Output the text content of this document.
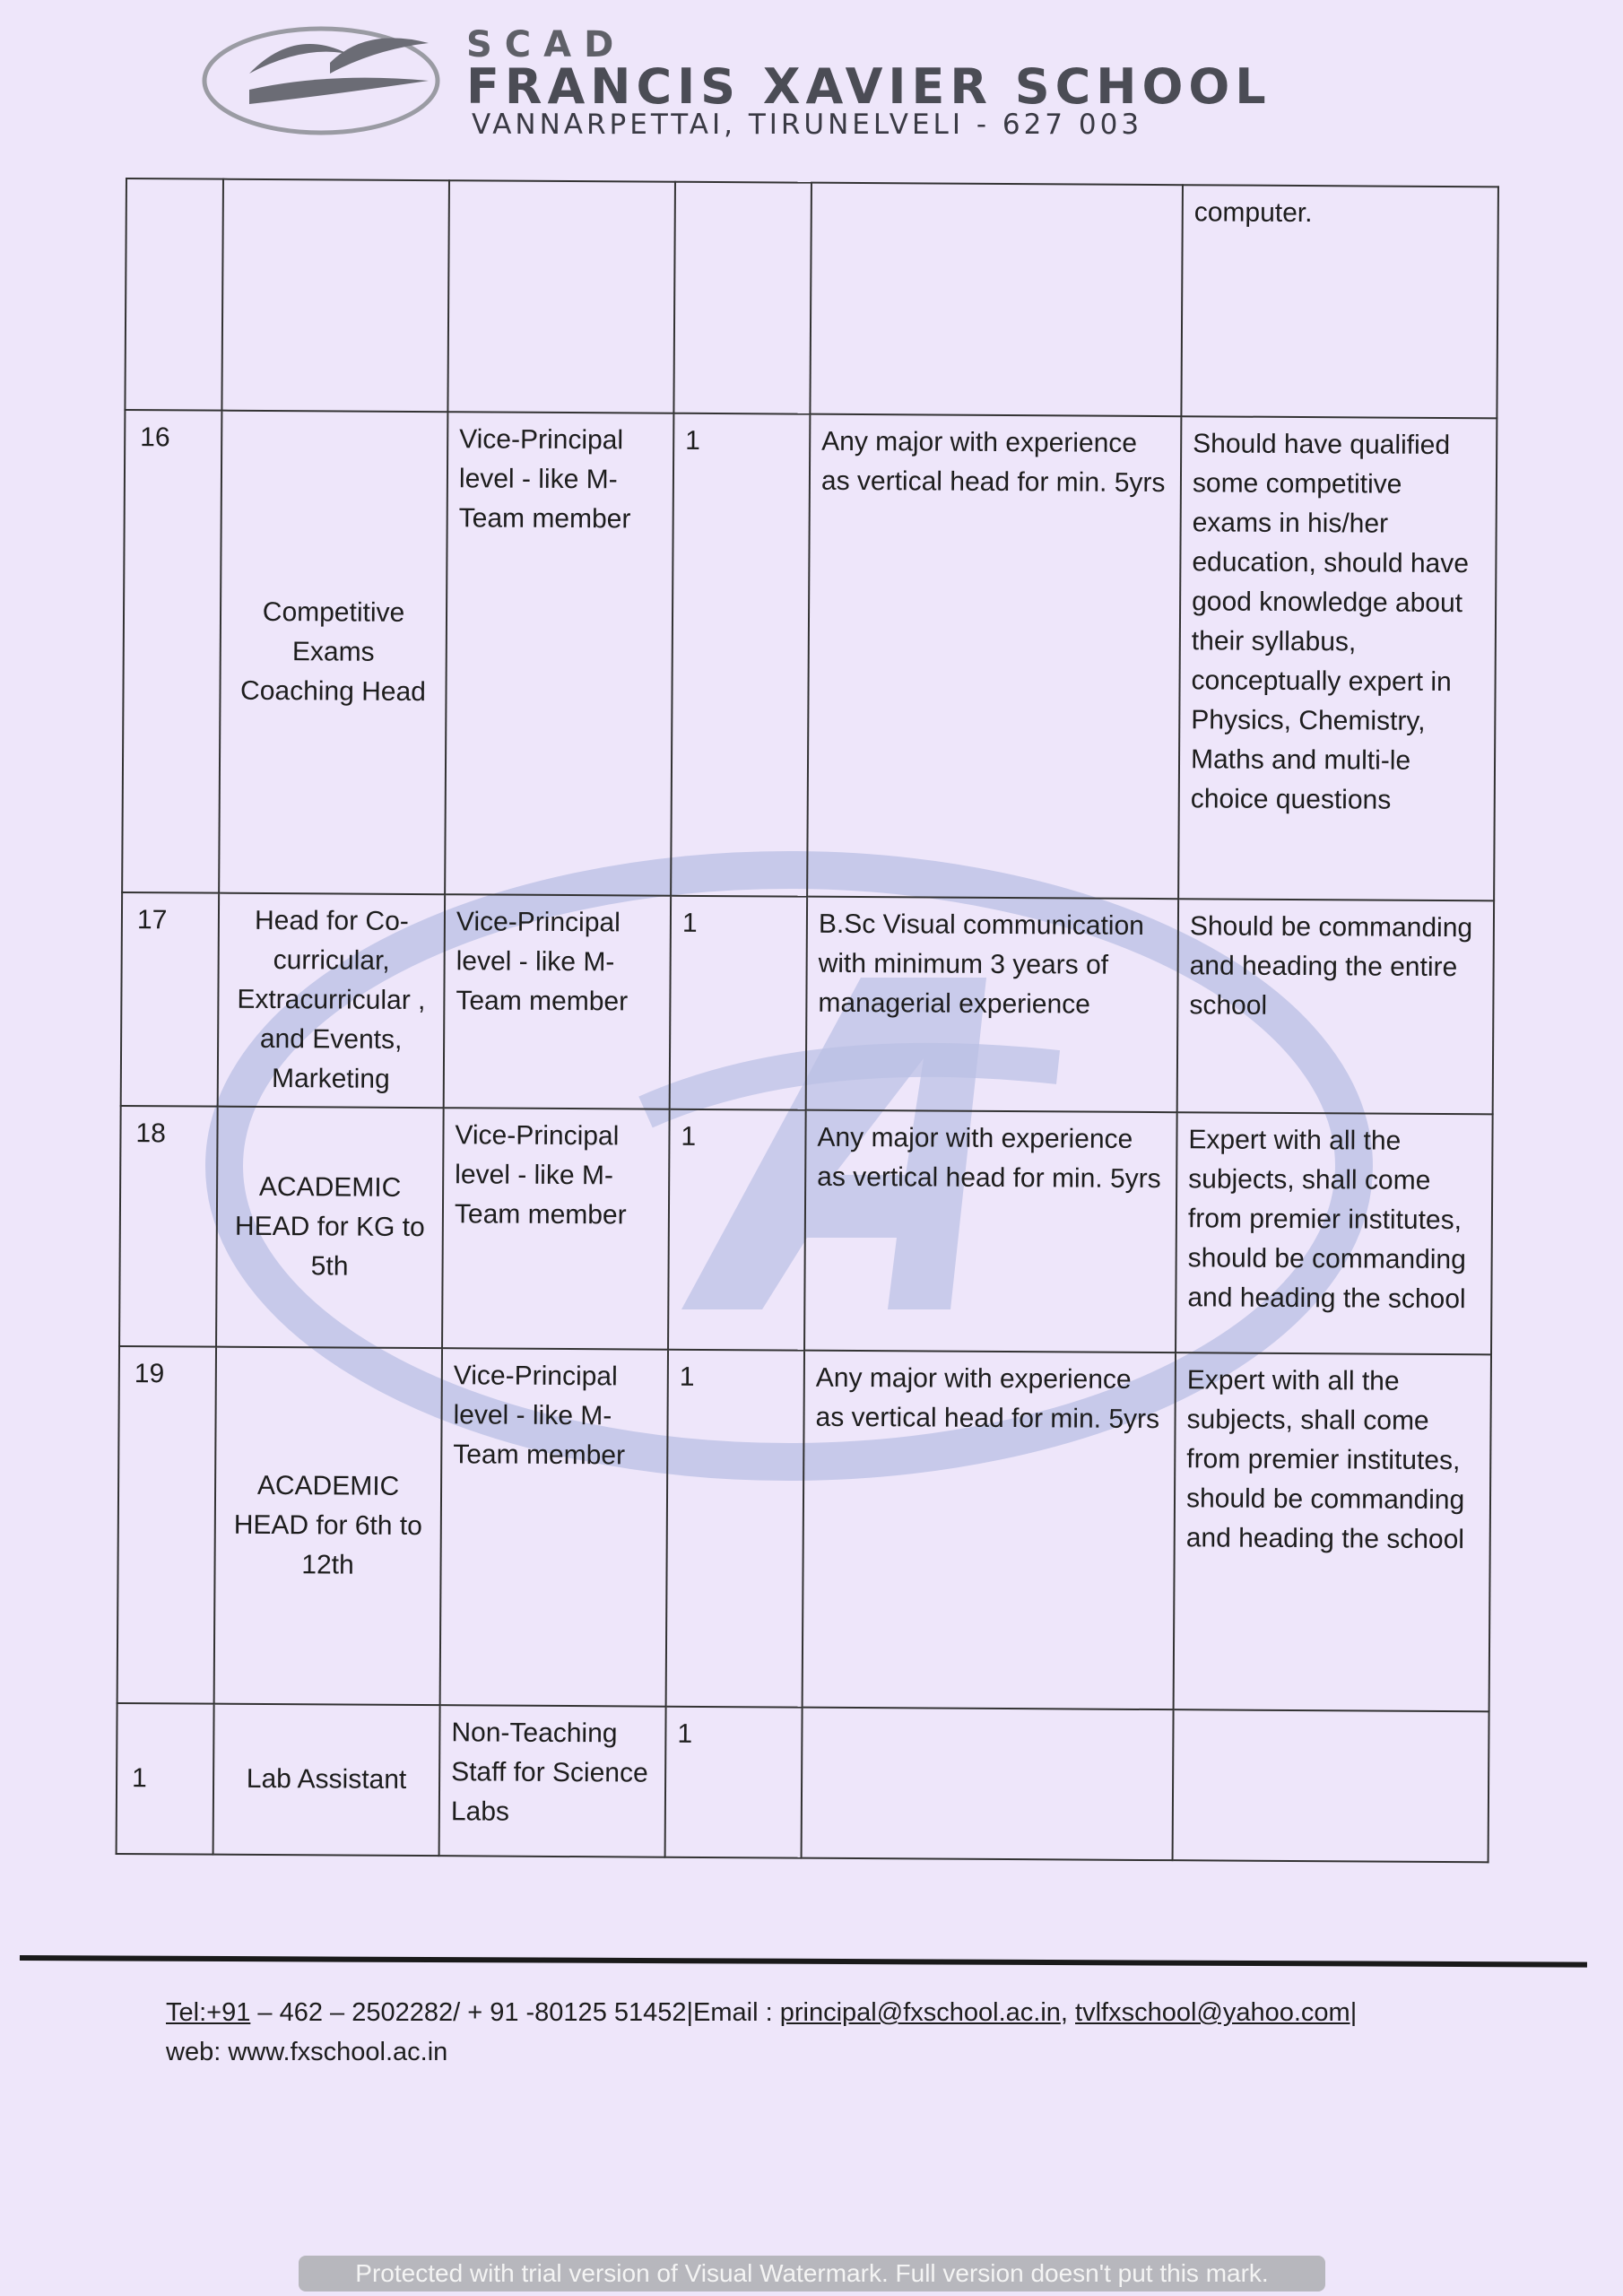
SCAD
FRANCIS XAVIER SCHOOL
VANNARPETTAI, TIRUNELVELI - 627 003
					computer.
16	Competitive Exams Coaching Head	Vice-Principal level - like M-Team member	1	Any major with experience as vertical head for min. 5yrs	Should have qualified some competitive exams in his/her education, should have good knowledge about their syllabus, conceptually expert in Physics, Chemistry, Maths and multi-le choice questions
17	Head for Co-curricular, Extracurricular , and Events, Marketing	Vice-Principal level - like M-Team member	1	B.Sc Visual communication with minimum 3 years of managerial experience	Should be commanding and heading the entire school
18	ACADEMIC HEAD for KG to 5th	Vice-Principal level - like M-Team member	1	Any major with experience as vertical head for min. 5yrs	Expert with all the subjects, shall come from premier institutes, should be commanding and heading the school
19	ACADEMIC HEAD for 6th to 12th	Vice-Principal level - like M-Team member	1	Any major with experience as vertical head for min. 5yrs	Expert with all the subjects, shall come from premier institutes, should be commanding and heading the school
1	Lab Assistant	Non-Teaching Staff for Science Labs	1		
Tel:+91 – 462 – 2502282/ + 91 -80125 51452|Email : principal@fxschool.ac.in, tvlfxschool@yahoo.com|
web: www.fxschool.ac.in
Protected with trial version of Visual Watermark. Full version doesn't put this mark.
